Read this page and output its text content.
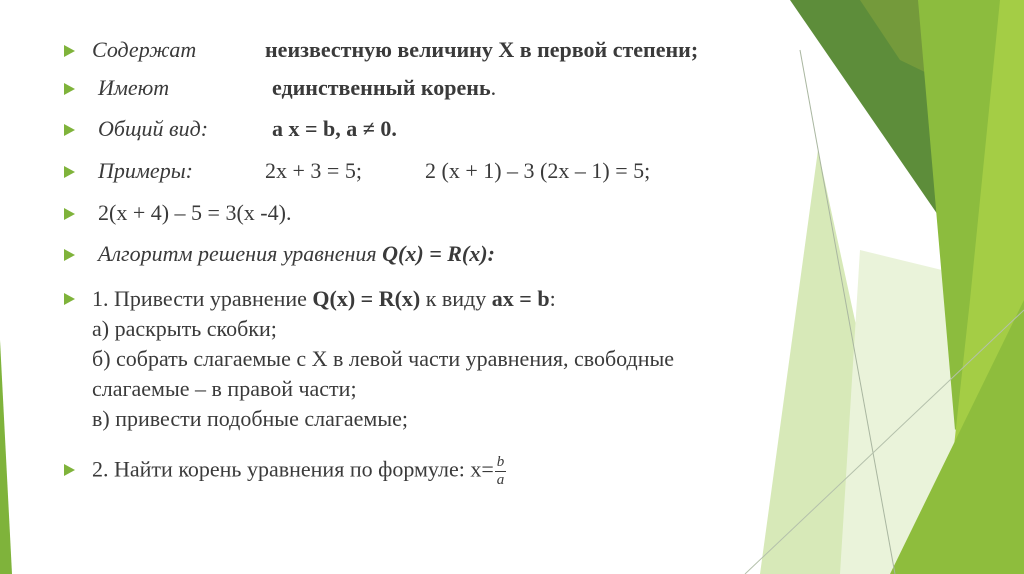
Содержат	неизвестную величину X в первой степени;
Имеют	единственный корень.
Общий вид:	a x = b, a ≠ 0.
Примеры:	2x + 3 = 5;	2 (x + 1) – 3 (2x – 1) = 5;
2(x + 4) – 5 = 3(x -4).
Алгоритм решения уравнения Q(x) = R(x):
1. Привести уравнение Q(x) = R(x) к виду ax = b:
а) раскрыть скобки;
б) собрать слагаемые с X в левой части уравнения, свободные
слагаемые – в правой части;
в) привести подобные слагаемые;
2. Найти корень уравнения по формуле: $x= \frac{b}{a}$
